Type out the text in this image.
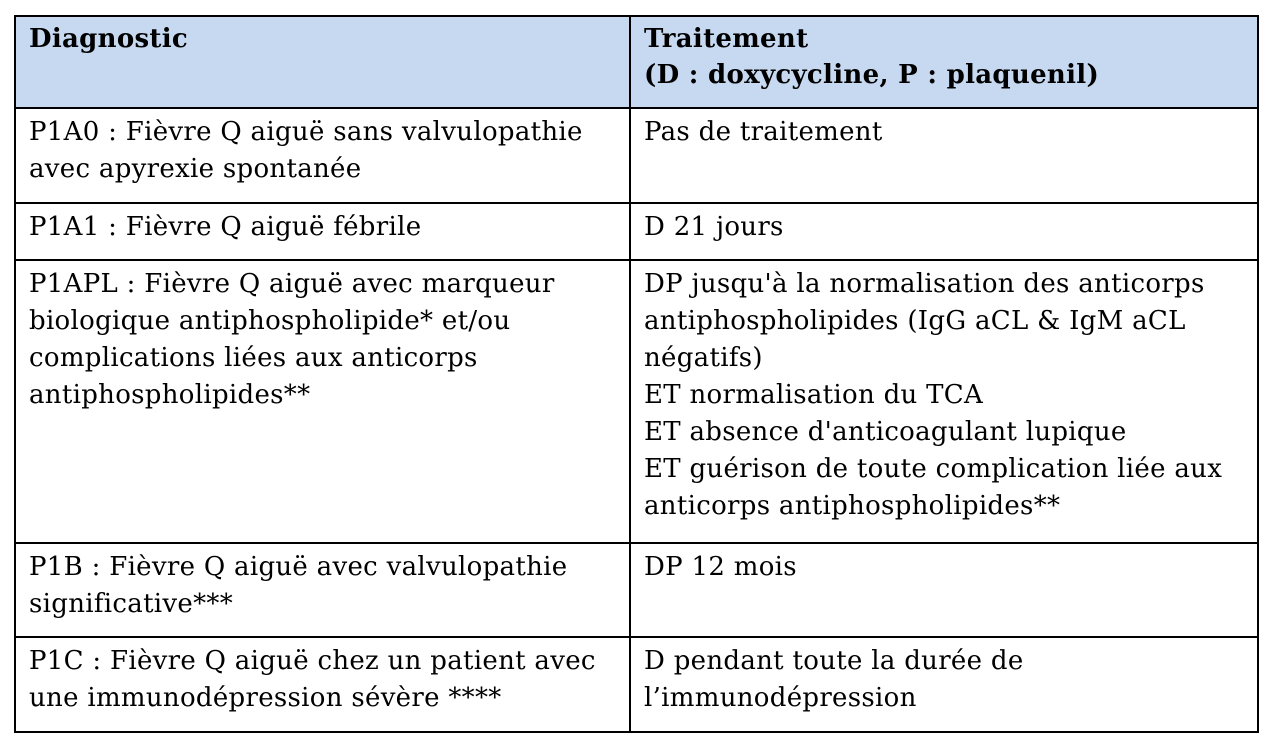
Diagnostic	Traitement
(D : doxycycline, P : plaquenil)

P1A0 : Fièvre Q aiguë sans valvulopathie avec apyrexie spontanée	Pas de traitement
P1A1 : Fièvre Q aiguë fébrile	D 21 jours
P1APL : Fièvre Q aiguë avec marqueur biologique antiphospholipide* et/ou complications liées aux anticorps antiphospholipides**	DP jusqu'à la normalisation des anticorps antiphospholipides (IgG aCL & IgM aCL négatifs)
ET normalisation du TCA
ET absence d'anticoagulant lupique
ET guérison de toute complication liée aux anticorps antiphospholipides**

P1B : Fièvre Q aiguë avec valvulopathie significative***	DP 12 mois
P1C : Fièvre Q aiguë chez un patient avec une immunodépression sévère ****	D pendant toute la durée de l’immunodépression
